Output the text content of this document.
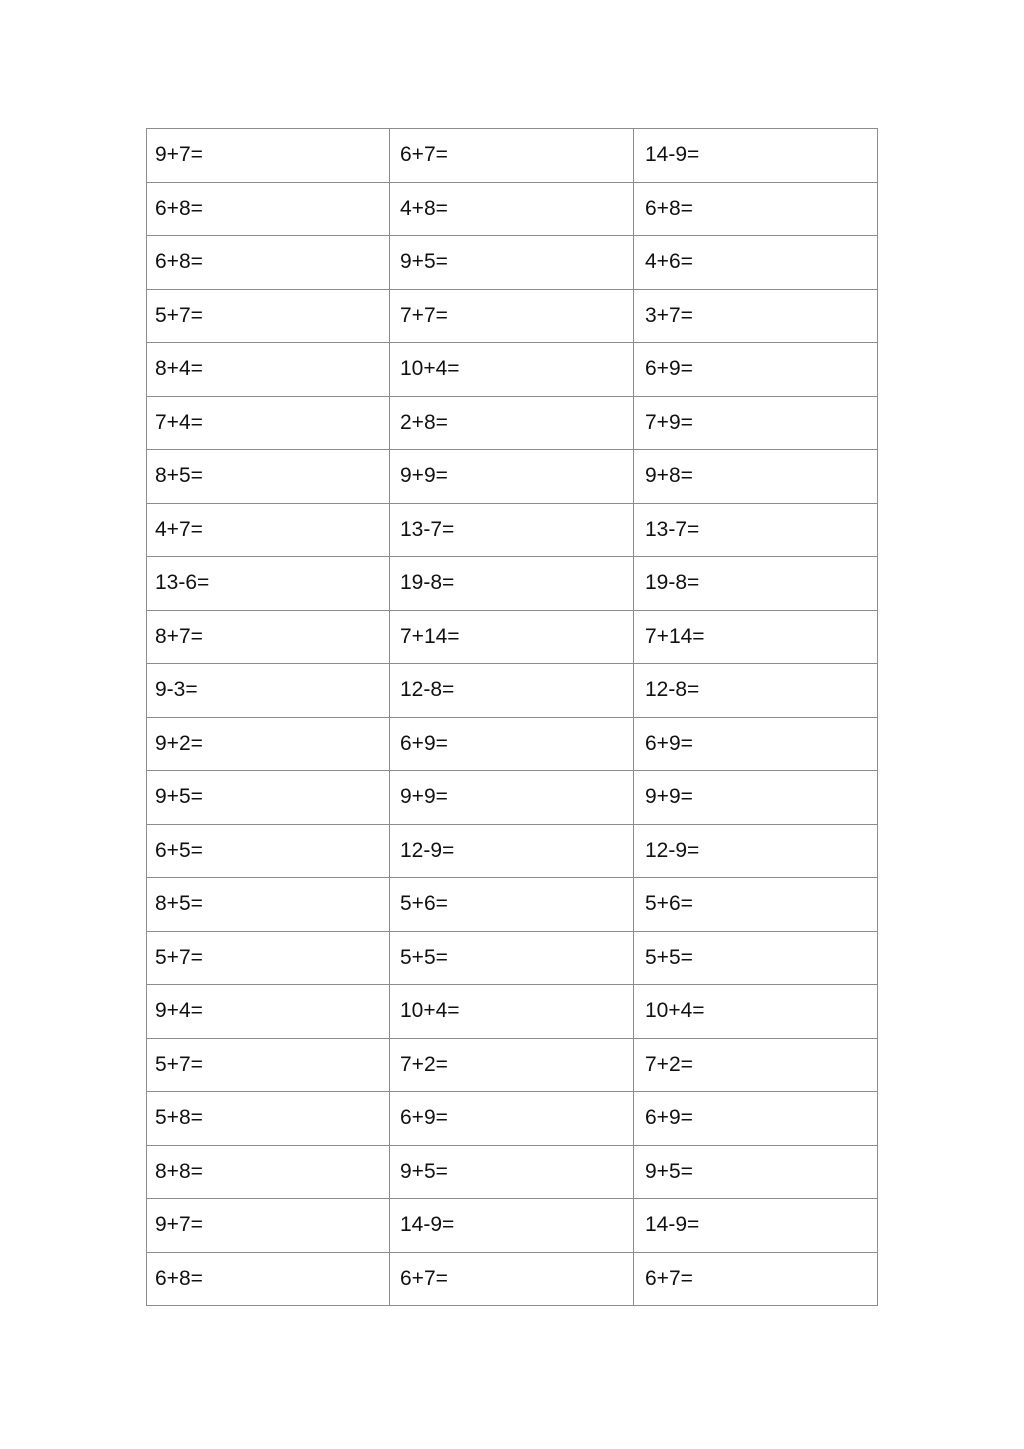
9+7=	6+7=	14-9=
6+8=	4+8=	6+8=
6+8=	9+5=	4+6=
5+7=	7+7=	3+7=
8+4=	10+4=	6+9=
7+4=	2+8=	7+9=
8+5=	9+9=	9+8=
4+7=	13-7=	13-7=
13-6=	19-8=	19-8=
8+7=	7+14=	7+14=
9-3=	12-8=	12-8=
9+2=	6+9=	6+9=
9+5=	9+9=	9+9=
6+5=	12-9=	12-9=
8+5=	5+6=	5+6=
5+7=	5+5=	5+5=
9+4=	10+4=	10+4=
5+7=	7+2=	7+2=
5+8=	6+9=	6+9=
8+8=	9+5=	9+5=
9+7=	14-9=	14-9=
6+8=	6+7=	6+7=
